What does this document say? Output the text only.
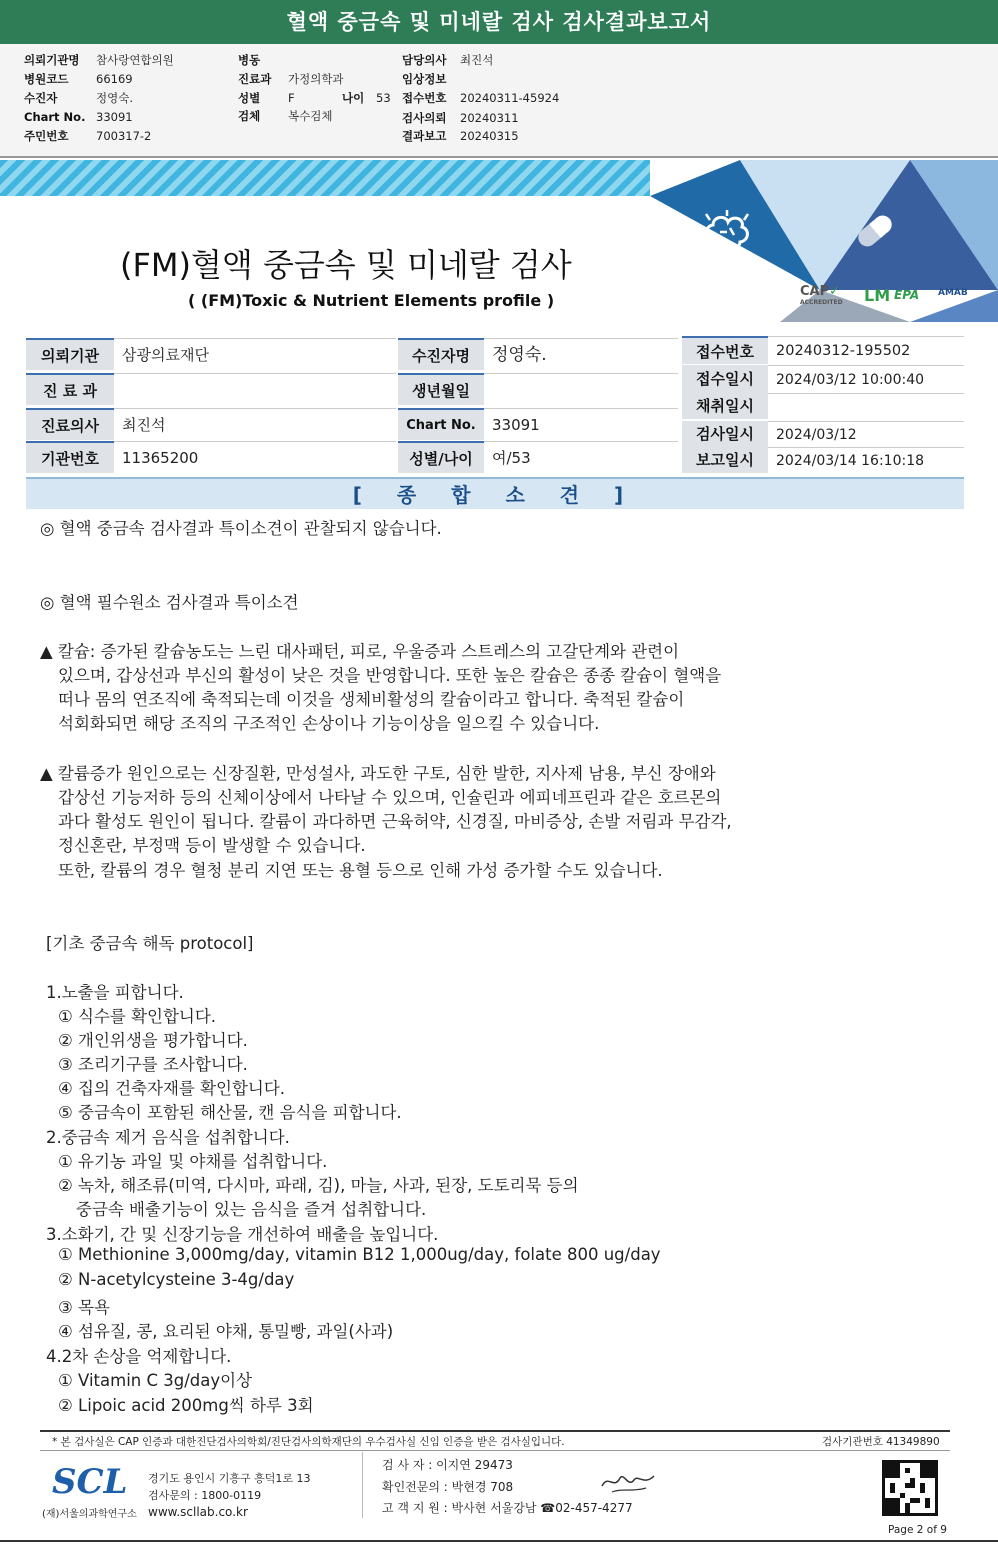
혈액 중금속 및 미네랄 검사 검사결과보고서
의뢰기관명 참사랑연합의원
병원코드 66169
수진자	정영숙.
Chart No. 33091
주민번호 700317-2
병동
진료과 가정의학과
성별 F	나이 53
검체 복수검체
담당의사 최진석
임상정보
접수번호 20240311-45924
검사의뢰 20240311
결과보고 20240315
(FM)혈액 중금속 및 미네랄 검사
( (FM)Toxic & Nutrient Elements profile )	CAP✓
ACCREDITED LM EPA AMAB
의뢰기관	삼광의료재단
진 료 과
진료의사	최진석
기관번호	11365200
수진자명	정영숙.
생년월일
Chart No.	33091
성별/나이	여/53
접수번호	20240312-195502
접수일시	2024/03/12 10:00:40
채취일시
검사일시	2024/03/12
보고일시	2024/03/14 16:10:18
[ 종 합 소 견 ]
◎ 혈액 중금속 검사결과 특이소견이 관찰되지 않습니다.
◎ 혈액 필수원소 검사결과 특이소견
▲ 칼슘: 증가된 칼슘농도는 느린 대사패턴, 피로, 우울증과 스트레스의 고갈단계와 관련이
있으며, 갑상선과 부신의 활성이 낮은 것을 반영합니다. 또한 높은 칼슘은 종종 칼슘이 혈액을
떠나 몸의 연조직에 축적되는데 이것을 생체비활성의 칼슘이라고 합니다. 축적된 칼슘이
석회화되면 해당 조직의 구조적인 손상이나 기능이상을 일으킬 수 있습니다.
▲ 칼륨증가 원인으로는 신장질환, 만성설사, 과도한 구토, 심한 발한, 지사제 남용, 부신 장애와
갑상선 기능저하 등의 신체이상에서 나타날 수 있으며, 인슐린과 에피네프린과 같은 호르몬의
과다 활성도 원인이 됩니다. 칼륨이 과다하면 근육허약, 신경질, 마비증상, 손발 저림과 무감각,
정신혼란, 부정맥 등이 발생할 수 있습니다.
또한, 칼륨의 경우 혈청 분리 지연 또는 용혈 등으로 인해 가성 증가할 수도 있습니다.
[기초 중금속 해독 protocol]
1.노출을 피합니다.
① 식수를 확인합니다.
② 개인위생을 평가합니다.
③ 조리기구를 조사합니다.
④ 집의 건축자재를 확인합니다.
⑤ 중금속이 포함된 해산물, 캔 음식을 피합니다.
2.중금속 제거 음식을 섭취합니다.
① 유기농 과일 및 야채를 섭취합니다.
② 녹차, 해조류(미역, 다시마, 파래, 김), 마늘, 사과, 된장, 도토리묵 등의
중금속 배출기능이 있는 음식을 즐겨 섭취합니다.
3.소화기, 간 및 신장기능을 개선하여 배출을 높입니다.
① Methionine 3,000mg/day, vitamin B12 1,000ug/day, folate 800 ug/day
② N-acetylcysteine 3-4g/day
③ 목욕
④ 섬유질, 콩, 요리된 야채, 통밀빵, 과일(사과)
4.2차 손상을 억제합니다.
① Vitamin C 3g/day이상
② Lipoic acid 200mg씩 하루 3회
* 본 검사실은 CAP 인증과 대한진단검사의학회/진단검사의학재단의 우수검사실 신임 인증을 받은 검사실입니다.	검사기관번호 41349890
SCL
(재)서울의과학연구소
경기도 용인시 기흥구 흥덕1로 13
검사문의 : 1800-0119
www.scllab.co.kr
검 사 자 : 이지연 29473
확인전문의 : 박현경 708
고 객 지 원 : 박사현 서울강남 ☎02-457-4277
Page 2 of 9
